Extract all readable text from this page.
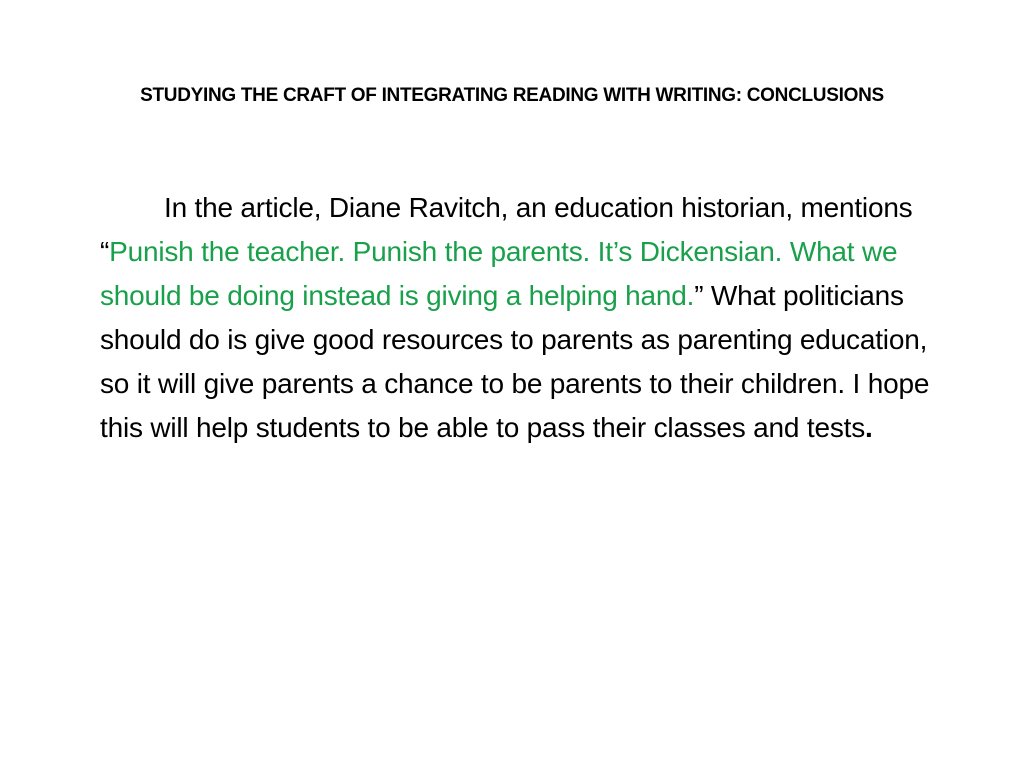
STUDYING THE CRAFT OF INTEGRATING READING WITH WRITING: CONCLUSIONS

In the article, Diane Ravitch, an education historian, mentions “Punish the teacher. Punish the parents. It’s Dickensian. What we should be doing instead is giving a helping hand.” What politicians should do is give good resources to parents as parenting education, so it will give parents a chance to be parents to their children. I hope this will help students to be able to pass their classes and tests.
